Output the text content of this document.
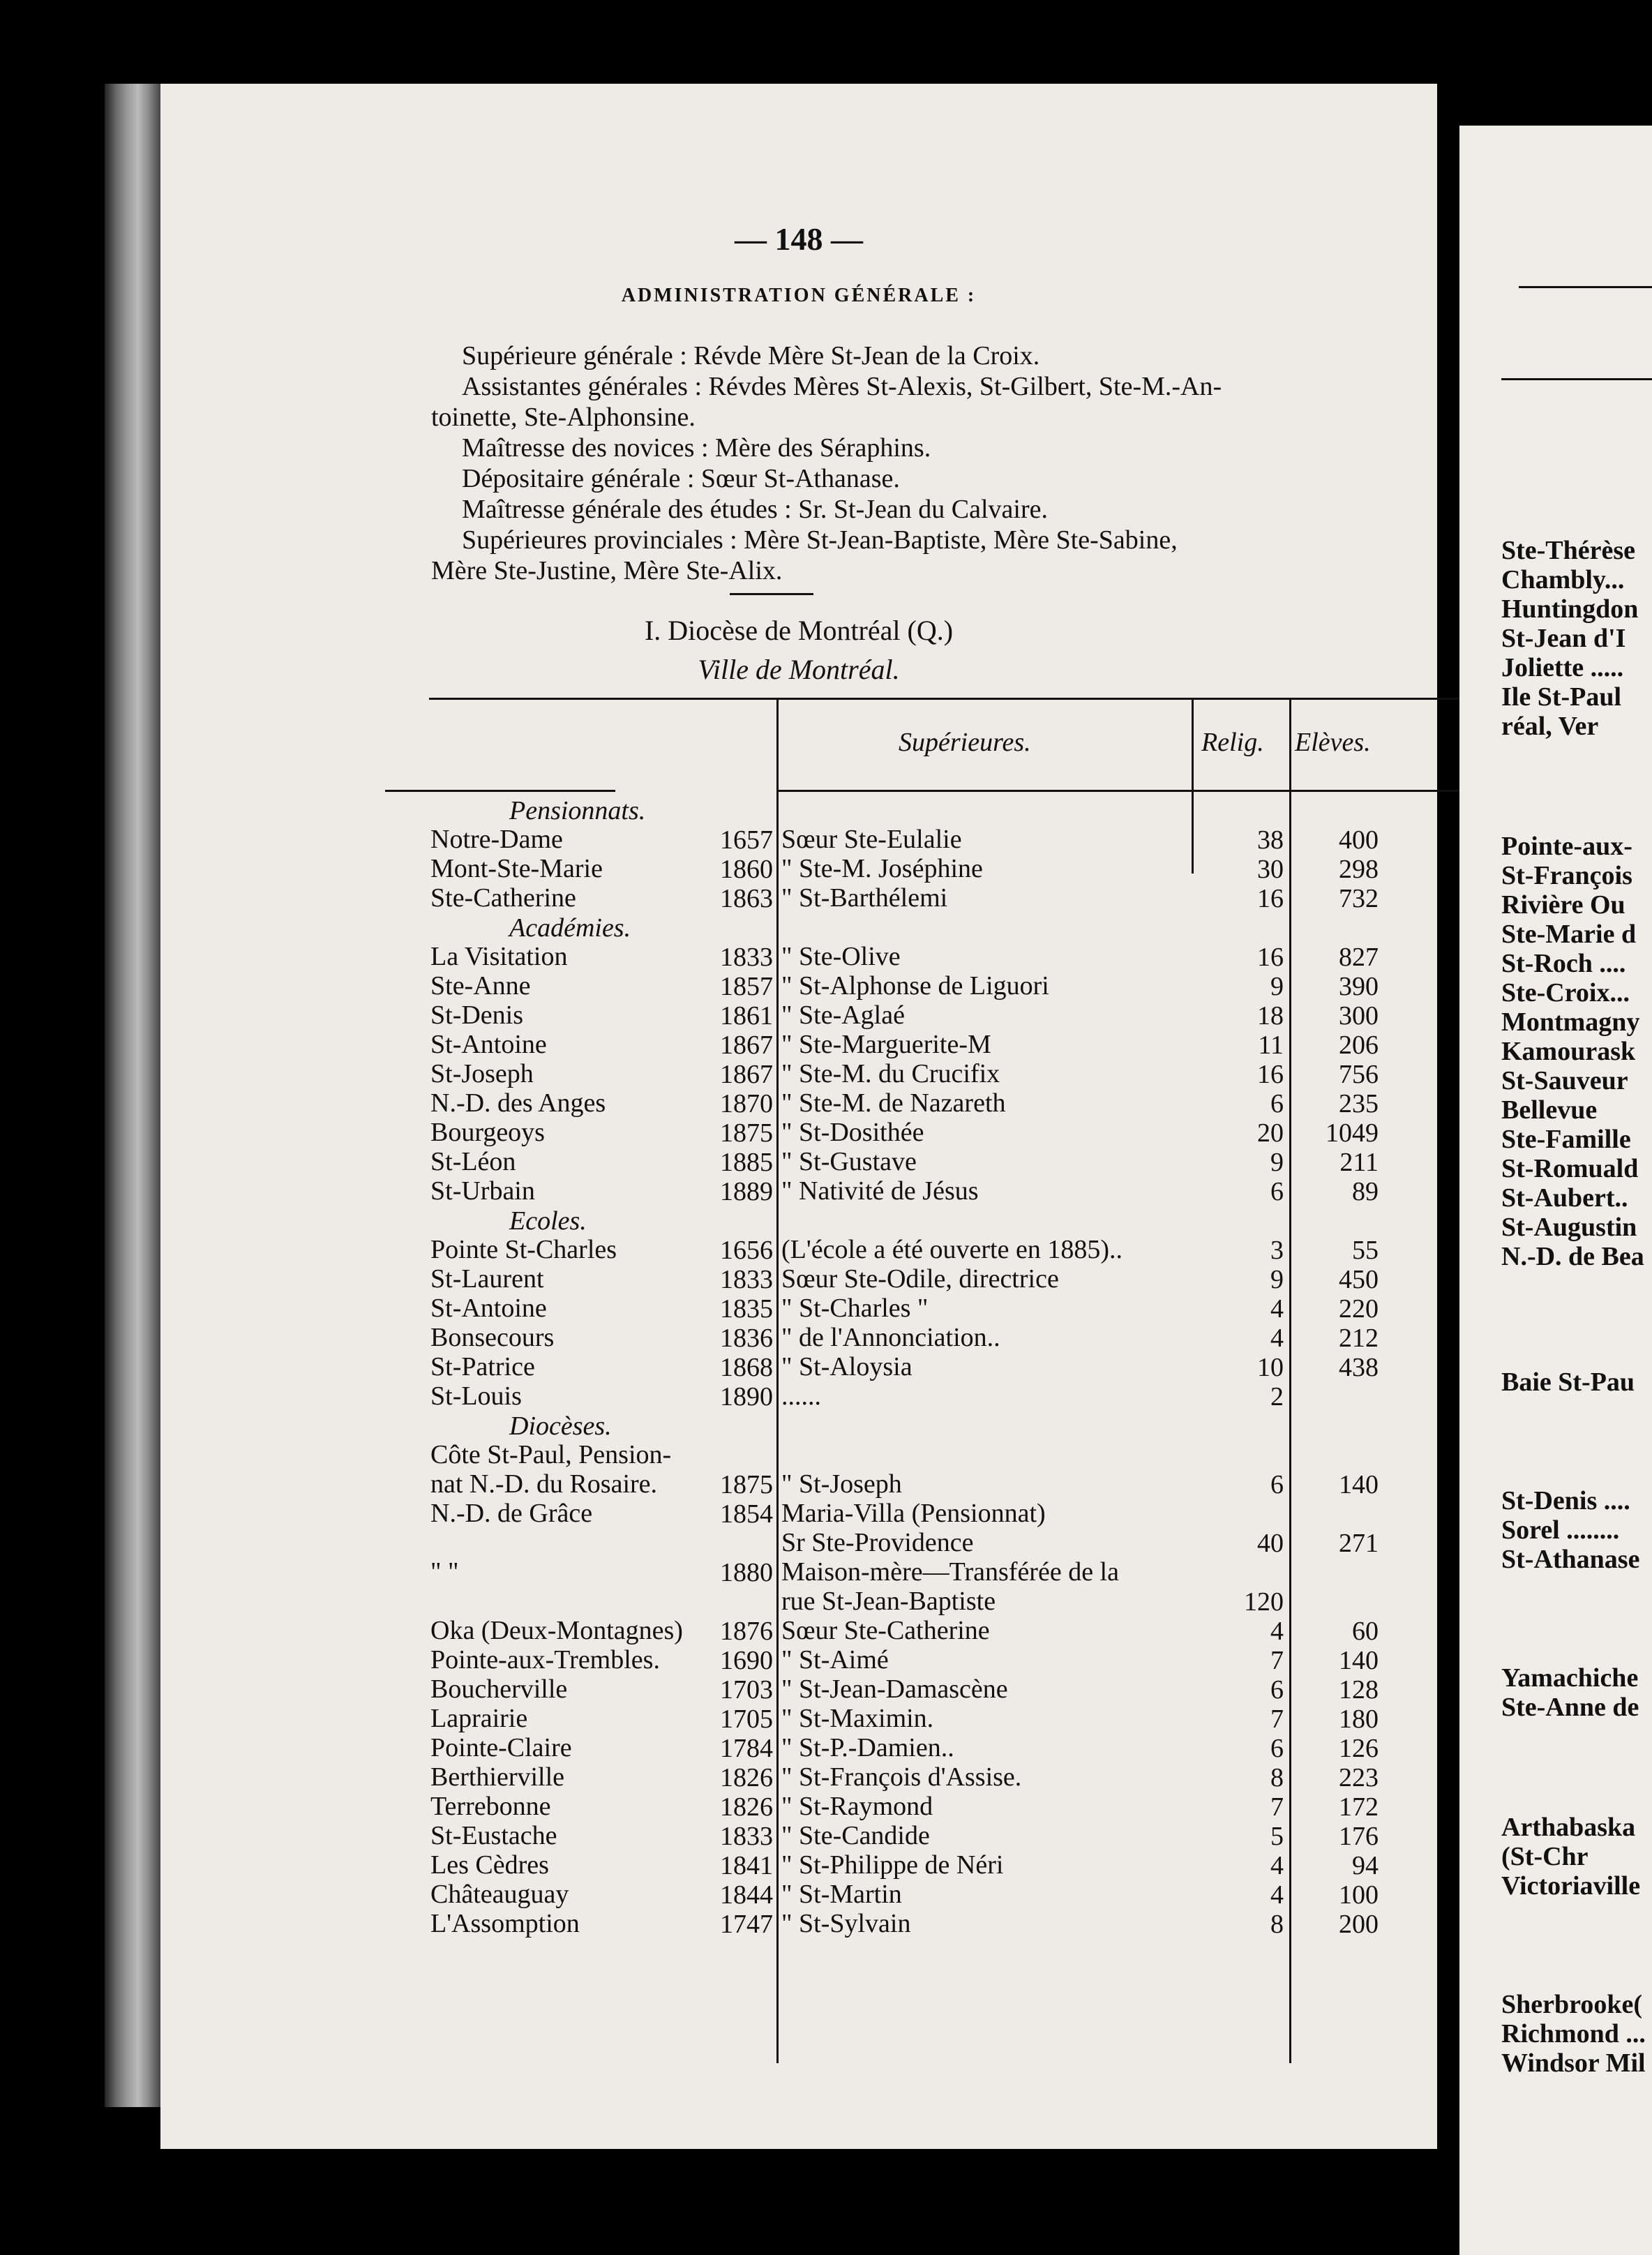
— 148 —
ADMINISTRATION GÉNÉRALE :
Supérieure générale : Révde Mère St-Jean de la Croix.
Assistantes générales : Révdes Mères St-Alexis, St-Gilbert, Ste-M.-An-
toinette, Ste-Alphonsine.
Maîtresse des novices : Mère des Séraphins.
Dépositaire générale : Sœur St-Athanase.
Maîtresse générale des études : Sr. St-Jean du Calvaire.
Supérieures provinciales : Mère St-Jean-Baptiste, Mère Ste-Sabine,
Mère Ste-Justine, Mère Ste-Alix.
I. Diocèse de Montréal (Q.)
Ville de Montréal.
Supérieures.	Relig. Elèves.
Pensionnats.
Notre-Dame	1657 Sœur Ste-Eulalie	38	400
Mont-Ste-Marie	1860 " Ste-M. Joséphine	30	298
Ste-Catherine	1863 " St-Barthélemi	16	732
Académies.
La Visitation	1833 " Ste-Olive	16	827
Ste-Anne	1857 " St-Alphonse de Liguori	9	390
St-Denis	1861 " Ste-Aglaé	18	300
St-Antoine	1867 " Ste-Marguerite-M	11	206
St-Joseph	1867 " Ste-M. du Crucifix	16	756
N.-D. des Anges	1870 " Ste-M. de Nazareth	6	235
Bourgeoys	1875 " St-Dosithée	20	1049
St-Léon	1885 " St-Gustave	9	211
St-Urbain	1889 " Nativité de Jésus	6	89
Ecoles.
Pointe St-Charles	1656 (L'école a été ouverte en 1885)..	3	55
St-Laurent	1833 Sœur Ste-Odile, directrice	9	450
St-Antoine	1835 " St-Charles "	4	220
Bonsecours	1836 " de l'Annonciation..	4	212
St-Patrice	1868 " St-Aloysia	10	438
St-Louis	1890 ......	2
Diocèses.
Côte St-Paul, Pension-
nat N.-D. du Rosaire.	1875 " St-Joseph	6	140
N.-D. de Grâce	1854 Maria-Villa (Pensionnat)
Sr Ste-Providence	40	271
" "	1880 Maison-mère—Transférée de la
rue St-Jean-Baptiste	120
Oka (Deux-Montagnes)	1876 Sœur Ste-Catherine	4	60
Pointe-aux-Trembles.	1690 " St-Aimé	7	140
Boucherville	1703 " St-Jean-Damascène	6	128
Laprairie	1705 " St-Maximin.	7	180
Pointe-Claire	1784 " St-P.-Damien..	6	126
Berthierville	1826 " St-François d'Assise.	8	223
Terrebonne	1826 " St-Raymond	7	172
St-Eustache	1833 " Ste-Candide	5	176
Les Cèdres	1841 " St-Philippe de Néri	4	94
Châteauguay	1844 " St-Martin	4	100
L'Assomption	1747 " St-Sylvain	8	200
Ste-Thérèse
Chambly...
Huntingdon
St-Jean d'I
Joliette .....
Ile St-Paul
réal, Ver
Pointe-aux-
St-François
Rivière Ou
Ste-Marie d
St-Roch ....
Ste-Croix...
Montmagny
Kamourask
St-Sauveur
Bellevue
Ste-Famille
St-Romuald
St-Aubert..
St-Augustin
N.-D. de Bea
Baie St-Pau
St-Denis ....
Sorel ........
St-Athanase
Yamachiche
Ste-Anne de
Arthabaska
(St-Chr
Victoriaville
Sherbrooke(
Richmond ...
Windsor Mil
